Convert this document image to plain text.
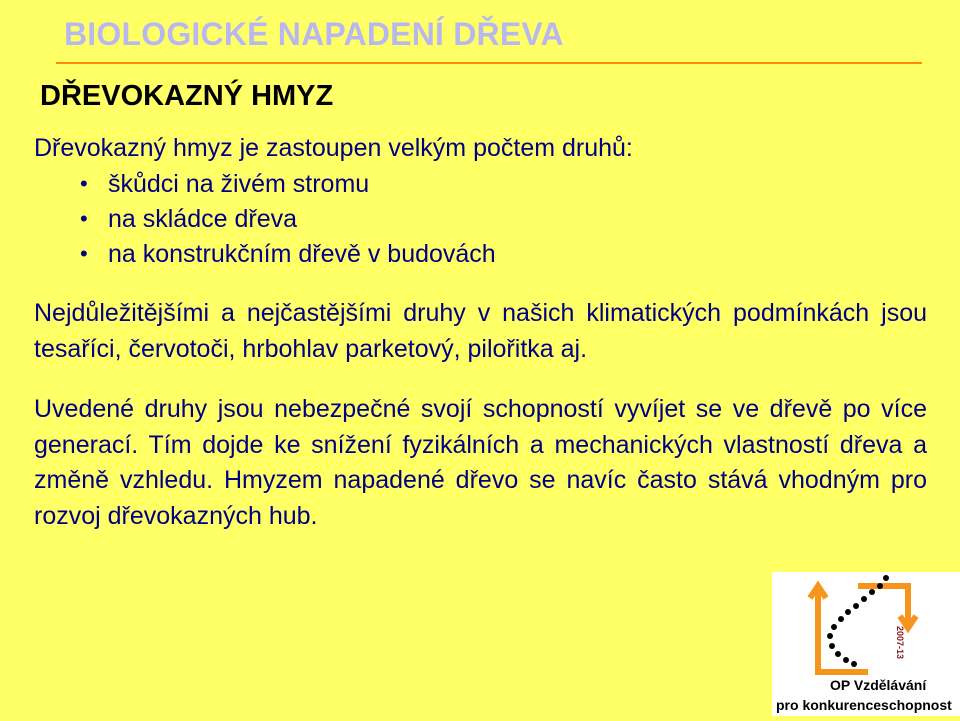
BIOLOGICKÉ NAPADENÍ DŘEVA
DŘEVOKAZNÝ HMYZ
Dřevokazný hmyz je zastoupen velkým počtem druhů:
• škůdci na živém stromu
• na skládce dřeva
• na konstrukčním dřevě v budovách
Nejdůležitějšími a nejčastějšími druhy v našich klimatických podmínkách jsou tesaříci, červotoči, hrbohlav parketový, pilořitka aj.
Uvedené druhy jsou nebezpečné svojí schopností vyvíjet se ve dřevě po více generací. Tím dojde ke snížení fyzikálních a mechanických vlastností dřeva a změně vzhledu. Hmyzem napadené dřevo se navíc často stává vhodným pro rozvoj dřevokazných hub.
2007-13
OP Vzdělávání
pro konkurenceschopnost
